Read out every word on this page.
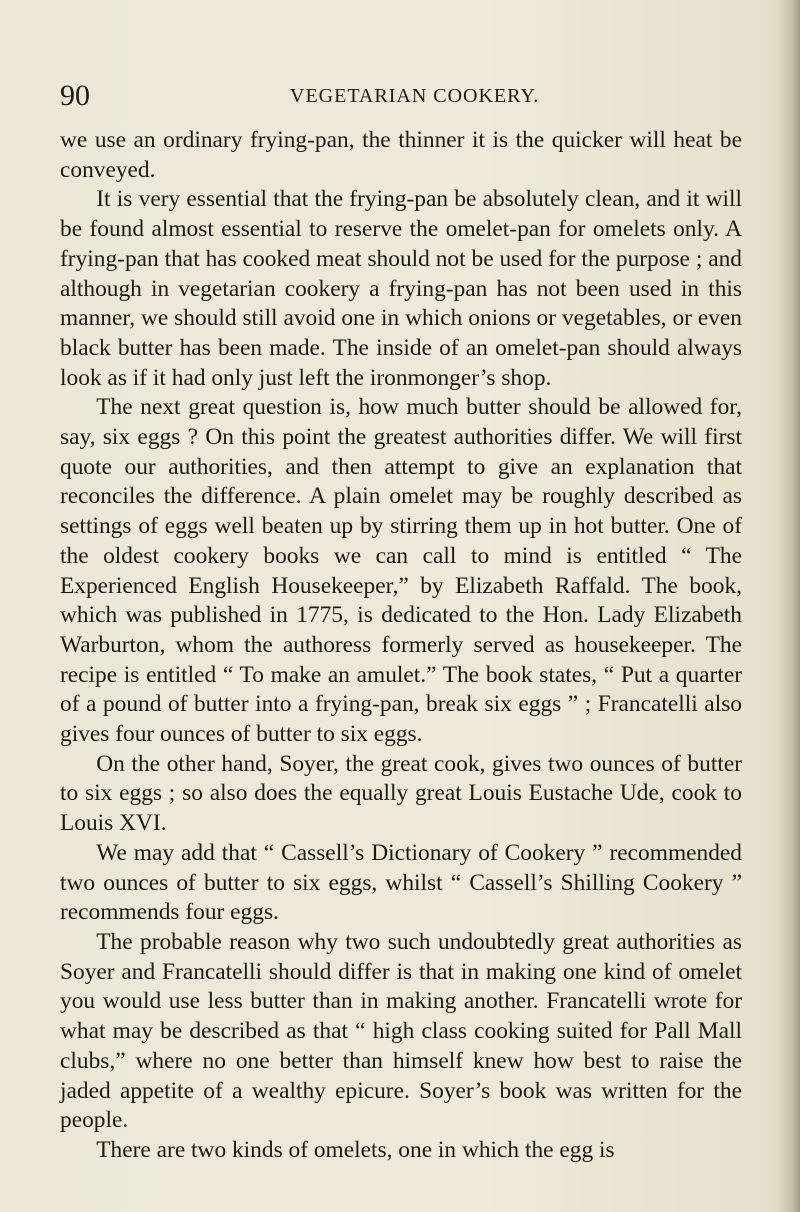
90	VEGETARIAN COOKERY.

we use an ordinary frying-pan, the thinner it is the quicker will heat be conveyed.

It is very essential that the frying-pan be absolutely clean, and it will be found almost essential to reserve the omelet-pan for omelets only. A frying-pan that has cooked meat should not be used for the purpose ; and although in vegetarian cookery a frying-pan has not been used in this manner, we should still avoid one in which onions or vegetables, or even black butter has been made. The inside of an omelet-pan should always look as if it had only just left the ironmonger’s shop.

The next great question is, how much butter should be allowed for, say, six eggs ? On this point the greatest authorities differ. We will first quote our authorities, and then attempt to give an explanation that reconciles the difference. A plain omelet may be roughly described as settings of eggs well beaten up by stirring them up in hot butter. One of the oldest cookery books we can call to mind is entitled “ The Experienced English Housekeeper,” by Elizabeth Raffald. The book, which was published in 1775, is dedicated to the Hon. Lady Elizabeth Warburton, whom the authoress formerly served as housekeeper. The recipe is entitled “ To make an amulet.” The book states, “ Put a quarter of a pound of butter into a frying-pan, break six eggs ” ; Francatelli also gives four ounces of butter to six eggs.

On the other hand, Soyer, the great cook, gives two ounces of butter to six eggs ; so also does the equally great Louis Eustache Ude, cook to Louis XVI.

We may add that “ Cassell’s Dictionary of Cookery ” recommended two ounces of butter to six eggs, whilst “ Cassell’s Shilling Cookery ” recommends four eggs.

The probable reason why two such undoubtedly great authorities as Soyer and Francatelli should differ is that in making one kind of omelet you would use less butter than in making another. Francatelli wrote for what may be described as that “ high class cooking suited for Pall Mall clubs,” where no one better than himself knew how best to raise the jaded appetite of a wealthy epicure. Soyer’s book was written for the people.

There are two kinds of omelets, one in which the egg is
